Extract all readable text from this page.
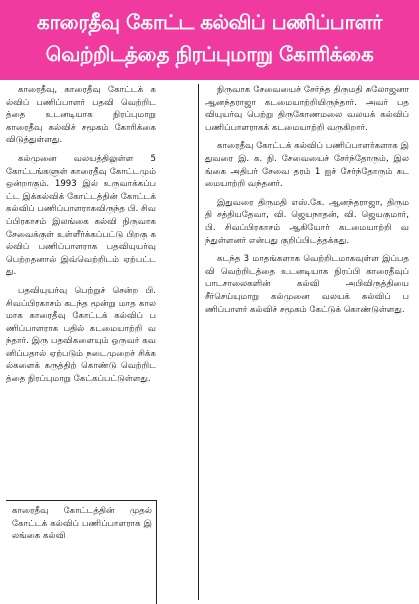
காரைதீவு கோட்ட கல்விப் பணிப்பாளர்
வெற்றிடத்தை நிரப்புமாறு கோரிக்கை

காரைதீவு, காரைதீவு கோட்டக் கல்விப் பணிப்பாளர் பதவி வெற்றிடத்தை உடனடியாக நிரப்புமாறு காரைதீவு கல்விச் சமூகம் கோரிக்கை விடுத்துள்ளது.

கல்முனை வலயத்திலுள்ள 5 கோட்டங்களுள் காரைதீவு கோட்டமும் ஒன்றாகும். 1993 இல் உருவாக்கப்பட்ட இக்கல்விக் கோட்டத்தின் கோட்டக் கல்விப் பணிப்பாளராகவிருந்த பி. சிவப்பிரகாசம் இலங்கை கல்வி நிருவாக சேவைக்குள் உள்ளீர்க்கப்பட்டு பிறகு கல்விப் பணிப்பாளராக பதவியுயர்வு பெற்றதனால் இவ்வெற்றிடம் ஏற்பட்டது.

பதவியுயர்வு பெற்றுச் சென்ற பி. சிவப்பிரகாசம் கடந்த மூன்று மாத காலமாக காரைதீவு கோட்டக் கல்விப் பணிப்பாளராக பதில் கடமையாற்றி வந்தார். இரு பதவிகளையும் ஒருவர் கவனிப்பதால் ஏற்படும் நடைமுறைச் சிக்கல்களைக் கருத்திற் கொண்டு வெற்றிடத்தை நிரப்புமாறு கேட்கப்பட்டுள்ளது.

காரைதீவு கோட்டத்தின் முதல் கோட்டக் கல்விப் பணிப்பாளராக இலங்கை கல்வி

நிருவாக சேவையைச் சேர்ந்த திருமதி சுலோஜனா ஆனந்தராஜா கடமையாற்றியிருந்தார். அவர் பதவியுயர்வு பெற்று திருகோணமலை வலயக் கல்விப் பணிப்பாளராகக் கடமையாற்றி வருகிறார்.

காரைதீவு கோட்டக் கல்விப் பணிப்பாளர்களாக இதுவரை இ. க. நி. சேவையைச் சேர்ந்தோரும், இலங்கை அதிபர் சேவை தரம் 1 ஐச் சேர்ந்தோரும் கடமையாற்றி வந்தனர்.

இதுவரை திருமதி எஸ்.கே. ஆனந்தராஜா, திருமதி சத்தியதேவா, வி. ஜெயநாதன், வி. ஜெயகுமார், பி. சிவப்பிரகாசம் ஆகியோர் கடமையாற்றி வந்துள்ளனர் என்பது குறிப்பிடத்தக்கது.

கடந்த 3 மாதங்களாக வெற்றிடமாகவுள்ள இப்பதவி வெற்றிடத்தை உடனடியாக நிரப்பி காரைதீவுப் பாடசாலைகளின் கல்வி அபிவிருத்தியை சீர்செய்யுமாறு கல்முனை வலயக் கல்விப் பணிப்பாளர் கல்விச் சமூகம் கேட்டுக் கொண்டுள்ளது.
